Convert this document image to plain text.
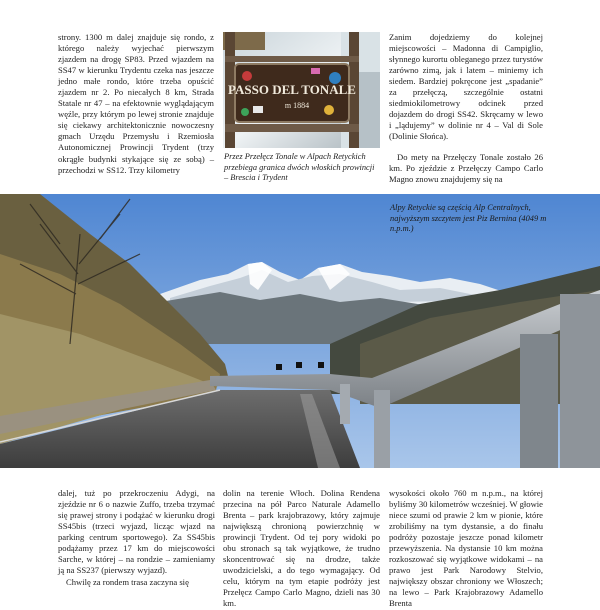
strony. 1300 m dalej znajduje się rondo, z którego należy wyjechać pierwszym zjazdem na drogę SP83. Przed wjazdem na SS47 w kierunku Trydentu czeka nas jeszcze jedno małe rondo, które trzeba opuścić zjazdem nr 2. Po niecałych 8 km, Strada Statale nr 47 – na efektownie wyglądającym węźle, przy którym po lewej stronie znajduje się ciekawy architektonicznie nowoczesny gmach Urzędu Przemysłu i Rzemiosła Autonomicznej Prowincji Trydent (trzy okrągłe budynki stykające się ze sobą) – przechodzi w SS12. Trzy kilometry

PASSO DEL TONALE
m 1884

Przez Przełęcz Tonale w Alpach Retyckich przebiega granica dwóch włoskich prowincji – Brescia i Trydent

Zanim dojedziemy do kolejnej miejscowości – Madonna di Campiglio, słynnego kurortu obleganego przez turystów zarówno zimą, jak i latem – miniemy ich siedem. Bardziej pokręcone jest „spadanie” za przełęczą, szczególnie ostatni siedmiokilometrowy odcinek przed dojazdem do drogi SS42. Skręcamy w lewo i „lądujemy” w dolinie nr 4 – Val di Sole (Dolinie Słońca).

Do mety na Przełęczy Tonale zostało 26 km. Po zjeździe z Przełęczy Campo Carlo Magno znowu znajdujemy się na

Alpy Retyckie są częścią Alp Centralnych, najwyższym szczytem jest Piz Bernina (4049 m n.p.m.)

dalej, tuż po przekroczeniu Adygi, na zjeździe nr 6 o nazwie Zuffo, trzeba trzymać się prawej strony i podążać w kierunku drogi SS45bis (trzeci wyjazd, licząc wjazd na parking centrum sportowego). Za SS45bis podążamy przez 17 km do miejscowości Sarche, w której – na rondzie – zamieniamy ją na SS237 (pierwszy wyjazd).

Chwilę za rondem trasa zaczyna się

dolin na terenie Włoch. Dolina Rendena przecina na pół Parco Naturale Adamello Brenta – park krajobrazowy, który zajmuje największą chronioną powierzchnię w prowincji Trydent. Od tej pory widoki po obu stronach są tak wyjątkowe, że trudno skoncentrować się na drodze, także uwodzicielski, a do tego wymagający. Od celu, którym na tym etapie podróży jest Przełęcz Campo Carlo Magno, dzieli nas 30 km.

wysokości około 760 m n.p.m., na której byliśmy 30 kilometrów wcześniej. W głowie niece szumi od prawie 2 km w pionie, które zrobiliśmy na tym dystansie, a do finału podróży pozostaje jeszcze ponad kilometr przewyższenia. Na dystansie 10 km można rozkoszować się wyjątkowe widokami – na prawo jest Park Narodowy Stelvio, największy obszar chroniony we Włoszech; na lewo – Park Krajobrazowy Adamello Brenta
